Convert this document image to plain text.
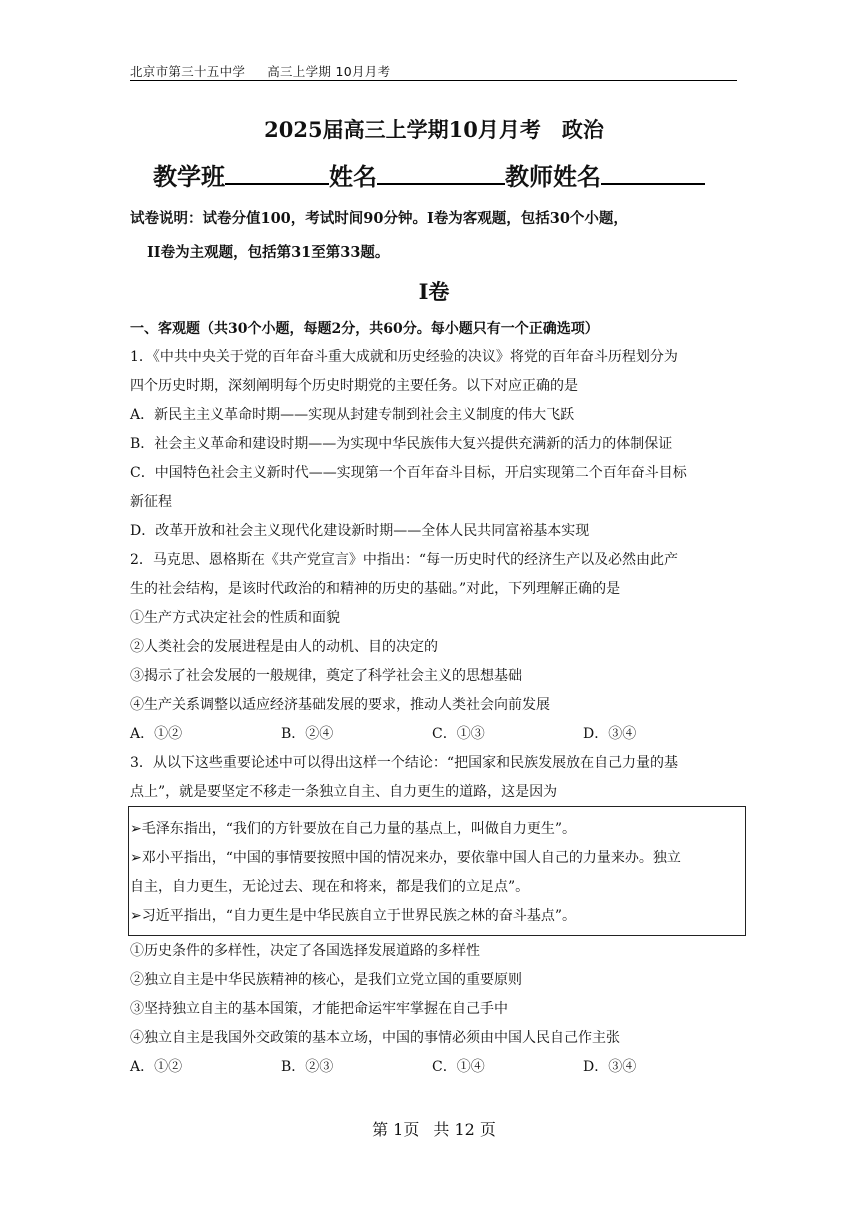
北京市第三十五中学 高三上学期 10月月考
2025届高三上学期10月月考　政治
教学班	姓名	教师姓名
试卷说明：试卷分值100，考试时间90分钟。I卷为客观题，包括30个小题，
II卷为主观题，包括第31至第33题。
I卷
一、客观题（共30个小题，每题2分，共60分。每小题只有一个正确选项）
1．《中共中央关于党的百年奋斗重大成就和历史经验的决议》将党的百年奋斗历程划分为
四个历史时期，深刻阐明每个历史时期党的主要任务。以下对应正确的是
A．新民主主义革命时期——实现从封建专制到社会主义制度的伟大飞跃
B．社会主义革命和建设时期——为实现中华民族伟大复兴提供充满新的活力的体制保证
C．中国特色社会主义新时代——实现第一个百年奋斗目标，开启实现第二个百年奋斗目标
新征程
D．改革开放和社会主义现代化建设新时期——全体人民共同富裕基本实现
2．马克思、恩格斯在《共产党宣言》中指出：“每一历史时代的经济生产以及必然由此产
生的社会结构，是该时代政治的和精神的历史的基础。”对此，下列理解正确的是
①生产方式决定社会的性质和面貌
②人类社会的发展进程是由人的动机、目的决定的
③揭示了社会发展的一般规律，奠定了科学社会主义的思想基础
④生产关系调整以适应经济基础发展的要求，推动人类社会向前发展
A．①②	B．②④	C．①③	D．③④
3．从以下这些重要论述中可以得出这样一个结论：“把国家和民族发展放在自己力量的基
点上”，就是要坚定不移走一条独立自主、自力更生的道路，这是因为
➢毛泽东指出，“我们的方针要放在自己力量的基点上，叫做自力更生”。
➢邓小平指出，“中国的事情要按照中国的情况来办，要依靠中国人自己的力量来办。独立
自主，自力更生，无论过去、现在和将来，都是我们的立足点”。
➢习近平指出，“自力更生是中华民族自立于世界民族之林的奋斗基点”。
①历史条件的多样性，决定了各国选择发展道路的多样性
②独立自主是中华民族精神的核心，是我们立党立国的重要原则
③坚持独立自主的基本国策，才能把命运牢牢掌握在自己手中
④独立自主是我国外交政策的基本立场，中国的事情必须由中国人民自己作主张
A．①②	B．②③	C．①④	D．③④
第 1页 共 12 页
